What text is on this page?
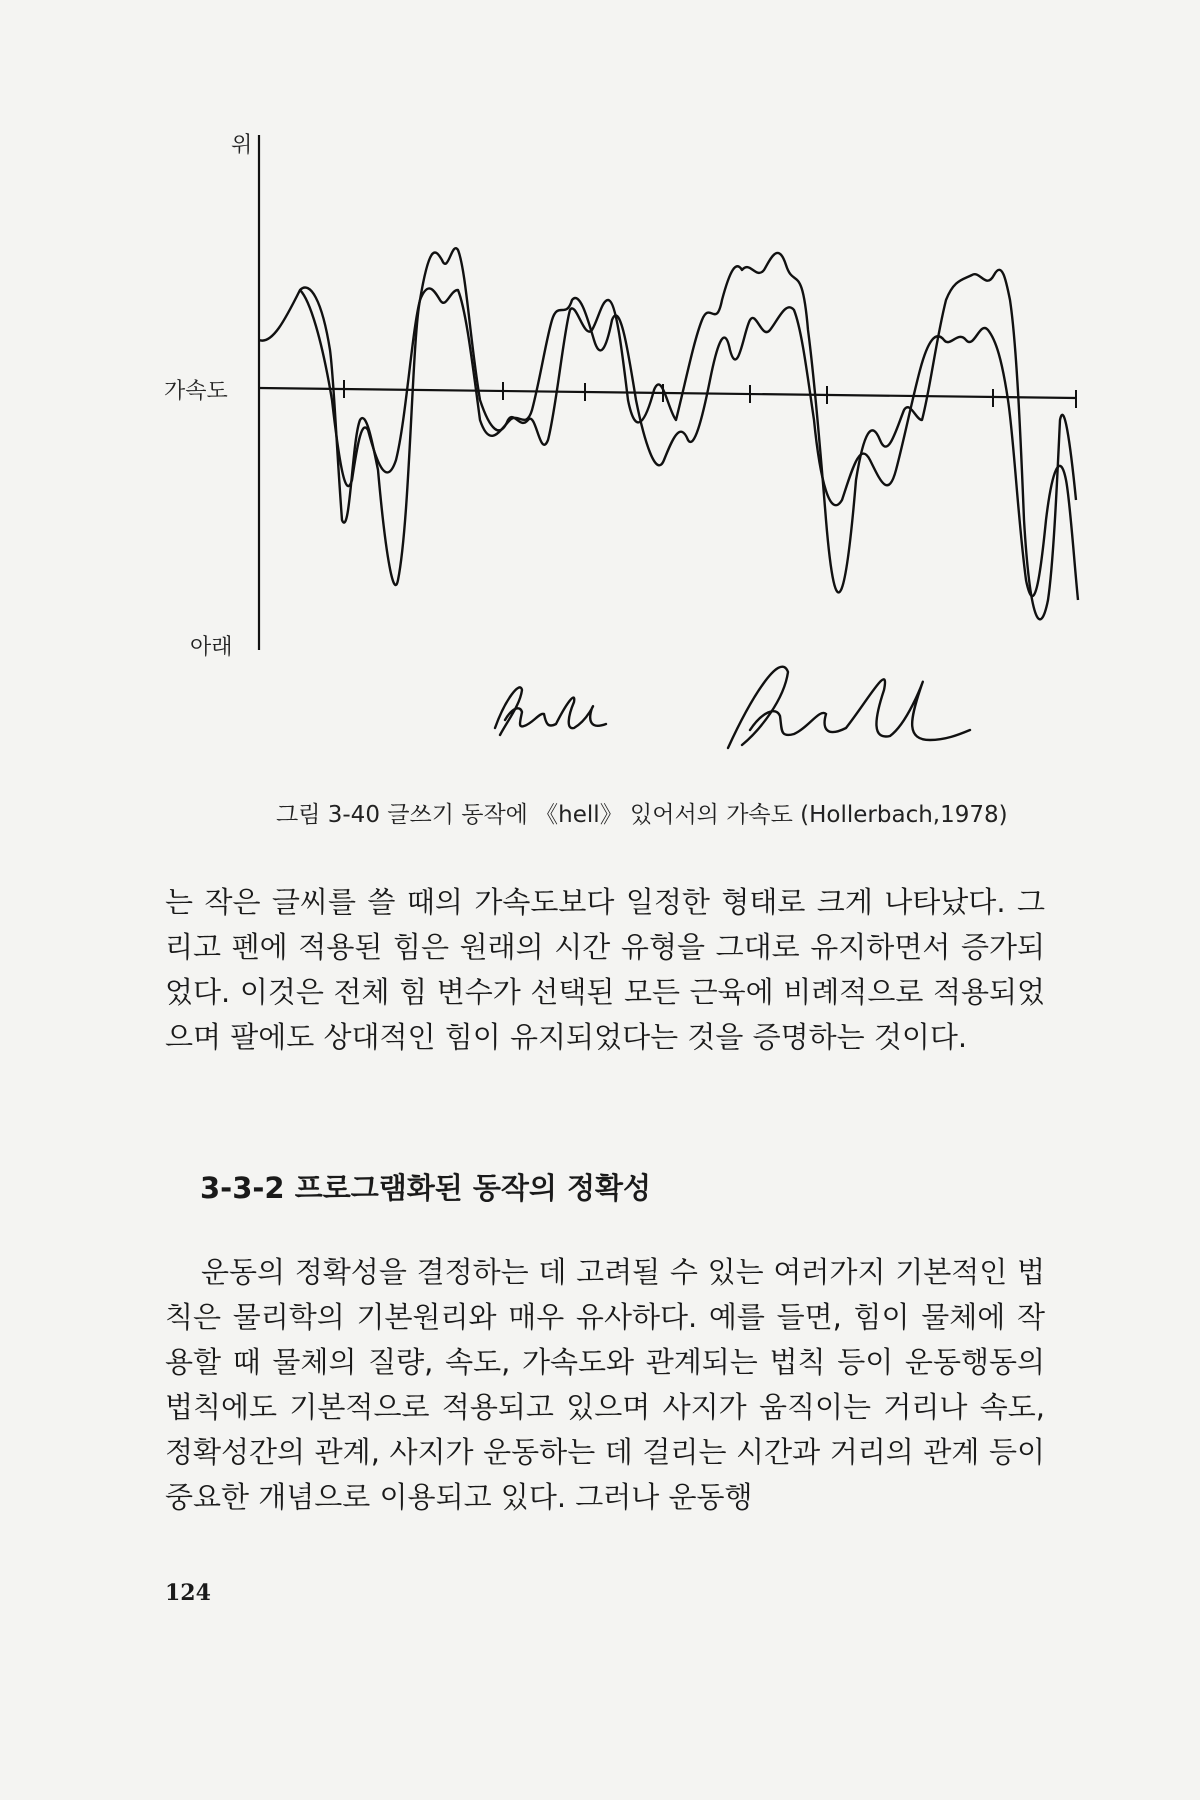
위
가속도
아래
그림 3-40 글쓰기 동작에 《hell》 있어서의 가속도 (Hollerbach,1978)
는 작은 글씨를 쓸 때의 가속도보다 일정한 형태로 크게 나타났다. 그리고 펜에 적용된 힘은 원래의 시간 유형을 그대로 유지하면서 증가되었다. 이것은 전체 힘 변수가 선택된 모든 근육에 비례적으로 적용되었으며 팔에도 상대적인 힘이 유지되었다는 것을 증명하는 것이다.
3-3-2 프로그램화된 동작의 정확성
운동의 정확성을 결정하는 데 고려될 수 있는 여러가지 기본적인 법칙은 물리학의 기본원리와 매우 유사하다. 예를 들면, 힘이 물체에 작용할 때 물체의 질량, 속도, 가속도와 관계되는 법칙 등이 운동행동의 법칙에도 기본적으로 적용되고 있으며 사지가 움직이는 거리나 속도, 정확성간의 관계, 사지가 운동하는 데 걸리는 시간과 거리의 관계 등이 중요한 개념으로 이용되고 있다. 그러나 운동행
124
